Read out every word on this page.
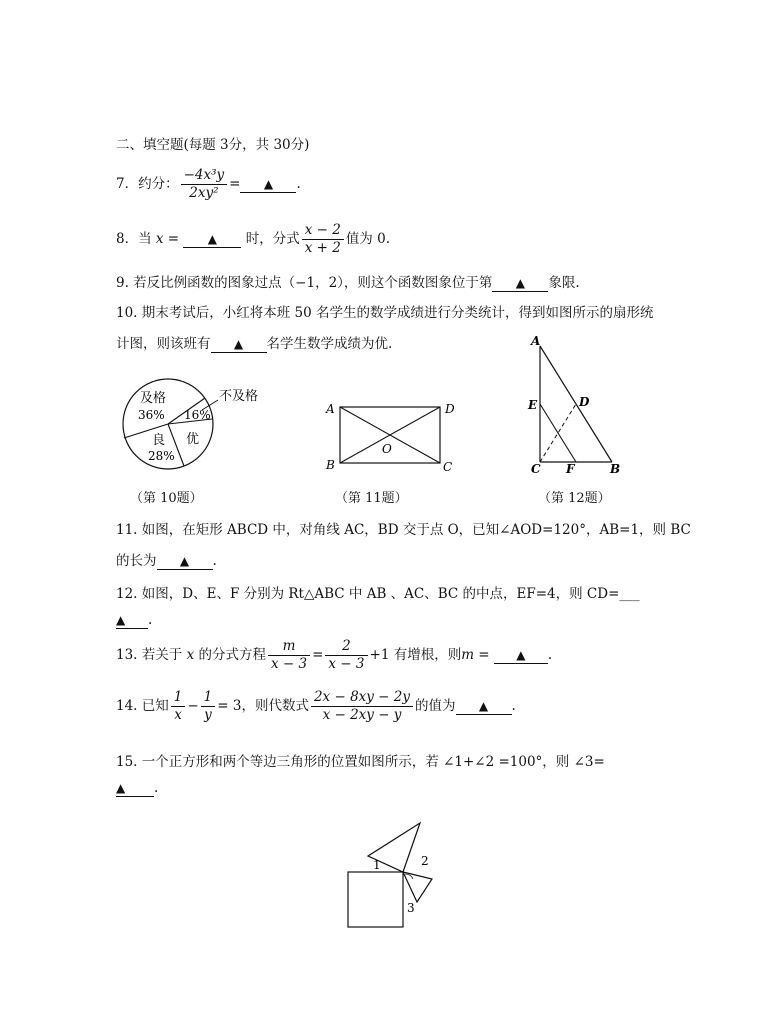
二、填空题(每题 3分，共 30分)
7．约分： $\frac{\text{−4x³y}}{\text{2xy²}}$ = ▲ .
8．当 x = ▲ 时，分式 $\frac{x - 2}{x + 2}$ 值为 0.
9. 若反比例函数的图象过点（−1，2），则这个函数图象位于第 ▲ 象限.
10. 期末考试后，小红将本班 50 名学生的数学成绩进行分类统计，得到如图所示的扇形统
计图，则该班有 ▲ 名学生数学成绩为优.
及格
36%
不及格
16%
良
28%
优
（第 10题）
A	D
B	C
O
（第 11题）
A
E	D
C F	B
（第 12题）
11. 如图，在矩形 ABCD 中，对角线 AC，BD 交于点 O，已知∠AOD=120°，AB=1，则 BC
的长为 ▲ .
12. 如图，D、E、F 分别为 Rt△ABC 中 AB 、AC、BC 的中点，EF=4，则 CD=___
▲ .
13. 若关于 x 的分式方程 $\frac{m}{x - 3} = \frac{2}{x - 3} +1$ 有增根，则m = ▲ .
14. 已知 $\frac{1}{x} - \frac{1}{y} = 3$，则代数式 $\frac{2x - 8xy - 2y}{x - 2xy - y}$ 的值为 ▲ .
15. 一个正方形和两个等边三角形的位置如图所示，若 ∠1+∠2 =100°，则 ∠3=
▲ .
1	2
3
